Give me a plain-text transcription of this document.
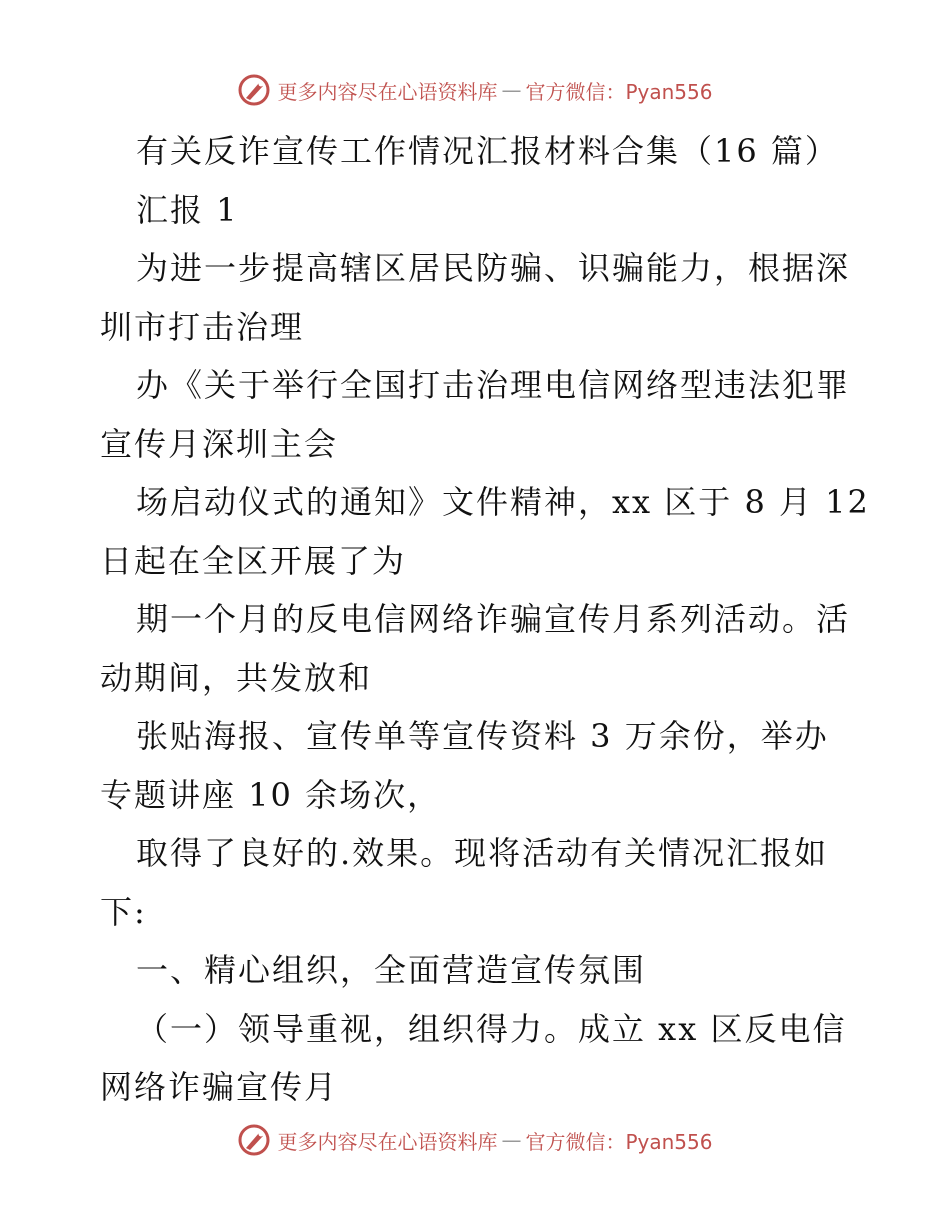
更多内容尽在心语资料库 — 官方微信：Pyan556
有关反诈宣传工作情况汇报材料合集（16 篇）
汇报 1
为进一步提高辖区居民防骗、识骗能力，根据深
圳市打击治理
办《关于举行全国打击治理电信网络型违法犯罪
宣传月深圳主会
场启动仪式的通知》文件精神，xx 区于 8 月 12
日起在全区开展了为
期一个月的反电信网络诈骗宣传月系列活动。活
动期间，共发放和
张贴海报、宣传单等宣传资料 3 万余份，举办
专题讲座 10 余场次，
取得了良好的.效果。现将活动有关情况汇报如
下:
一、精心组织，全面营造宣传氛围
（一）领导重视，组织得力。成立 xx 区反电信
网络诈骗宣传月
更多内容尽在心语资料库 — 官方微信：Pyan556
